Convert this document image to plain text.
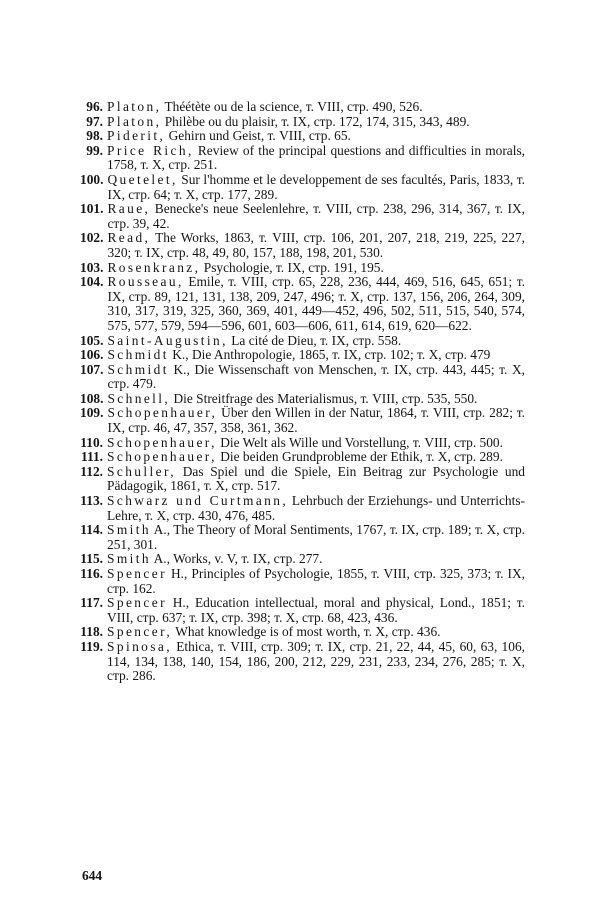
96. Platon, Théétète ou de la science, т. VIII, стр. 490, 526.
97. Platon, Philèbe ou du plaisir, т. IX, стр. 172, 174, 315, 343, 489.
98. Piderit, Gehirn und Geist, т. VIII, стр. 65.
99. Price Rich, Review of the principal questions and difficulties in morals, 1758, т. X, стр. 251.
100. Quetelet, Sur l'homme et le developpement de ses facultés, Paris, 1833, т. IX, стр. 64; т. X, стр. 177, 289.
101. Raue, Benecke's neue Seelenlehre, т. VIII, стр. 238, 296, 314, 367, т. IX, стр. 39, 42.
102. Read, The Works, 1863, т. VIII, стр. 106, 201, 207, 218, 219, 225, 227, 320; т. IX, стр. 48, 49, 80, 157, 188, 198, 201, 530.
103. Rosenkranz, Psychologie, т. IX, стр. 191, 195.
104. Rousseau, Emile, т. VIII, стр. 65, 228, 236, 444, 469, 516, 645, 651; т. IX, стр. 89, 121, 131, 138, 209, 247, 496; т. X, стр. 137, 156, 206, 264, 309, 310, 317, 319, 325, 360, 369, 401, 449—452, 496, 502, 511, 515, 540, 574, 575, 577, 579, 594—596, 601, 603—606, 611, 614, 619, 620—622.
105. Saint-Augustin, La cité de Dieu, т. IX, стр. 558.
106. Schmidt K., Die Anthropologie, 1865, т. IX, стр. 102; т. X, стр. 479
107. Schmidt K., Die Wissenschaft von Menschen, т. IX, стр. 443, 445; т. X, стр. 479.
108. Schnell, Die Streitfrage des Materialismus, т. VIII, стр. 535, 550.
109. Schopenhauer, Über den Willen in der Natur, 1864, т. VIII, стр. 282; т. IX, стр. 46, 47, 357, 358, 361, 362.
110. Schopenhauer, Die Welt als Wille und Vorstellung, т. VIII, стр. 500.
111. Schopenhauer, Die beiden Grundprobleme der Ethik, т. X, стр. 289.
112. Schuller, Das Spiel und die Spiele, Ein Beitrag zur Psychologie und Pädagogik, 1861, т. X, стр. 517.
113. Schwarz und Curtmann, Lehrbuch der Erziehungs- und Unterrichts-Lehre, т. X, стр. 430, 476, 485.
114. Smith A., The Theory of Moral Sentiments, 1767, т. IX, стр. 189; т. X, стр. 251, 301.
115. Smith A., Works, v. V, т. IX, стр. 277.
116. Spencer H., Principles of Psychologie, 1855, т. VIII, стр. 325, 373; т. IX, стр. 162.
117. Spencer H., Education intellectual, moral and physical, Lond., 1851; т. VIII, стр. 637; т. IX, стр. 398; т. X, стр. 68, 423, 436.
118. Spencer, What knowledge is of most worth, т. X, стр. 436.
119. Spinosa, Ethica, т. VIII, стр. 309; т. IX, стр. 21, 22, 44, 45, 60, 63, 106, 114, 134, 138, 140, 154, 186, 200, 212, 229, 231, 233, 234, 276, 285; т. X, стр. 286.
644
